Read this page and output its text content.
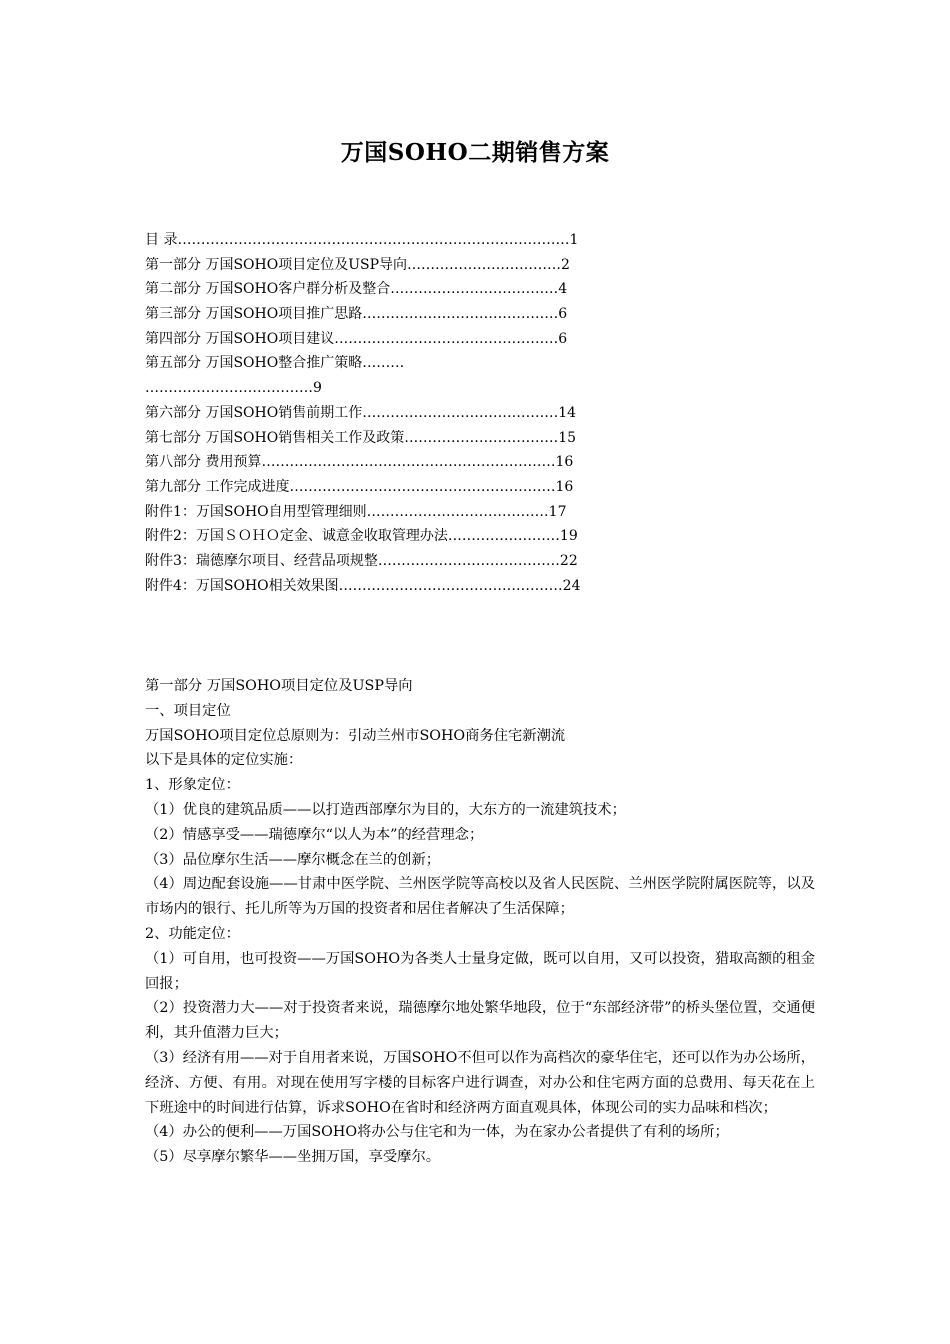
万国SOHO二期销售方案
目 录…………………………………………………………………………1
第一部分 万国SOHO项目定位及USP导向……………………………2
第二部分 万国SOHO客户群分析及整合………………………………4
第三部分 万国SOHO项目推广思路……………………………………6
第四部分 万国SOHO项目建议…………………………………………6
第五部分 万国SOHO整合推广策略………
………………………………9
第六部分 万国SOHO销售前期工作……………………………………14
第七部分 万国SOHO销售相关工作及政策……………………………15
第八部分 费用预算………………………………………………………16
第九部分 工作完成进度…………………………………………………16
附件1：万国SOHO自用型管理细则…………………………………17
附件2：万国ＳＯＨＯ定金、诚意金收取管理办法……………………19
附件3：瑞德摩尔项目、经营品项规整…………………………………22
附件4：万国SOHO相关效果图…………………………………………24
第一部分 万国SOHO项目定位及USP导向
一、项目定位
万国SOHO项目定位总原则为：引动兰州市SOHO商务住宅新潮流
以下是具体的定位实施：
1、形象定位：
（1）优良的建筑品质——以打造西部摩尔为目的，大东方的一流建筑技术；
（2）情感享受——瑞德摩尔“以人为本”的经营理念；
（3）品位摩尔生活——摩尔概念在兰的创新；
（4）周边配套设施——甘肃中医学院、兰州医学院等高校以及省人民医院、兰州医学院附属医院等，以及市场内的银行、托儿所等为万国的投资者和居住者解决了生活保障；
2、功能定位：
（1）可自用，也可投资——万国SOHO为各类人士量身定做，既可以自用，又可以投资，猎取高额的租金回报；
（2）投资潜力大——对于投资者来说，瑞德摩尔地处繁华地段，位于“东部经济带”的桥头堡位置，交通便利，其升值潜力巨大；
（3）经济有用——对于自用者来说，万国SOHO不但可以作为高档次的豪华住宅，还可以作为办公场所，经济、方便、有用。对现在使用写字楼的目标客户进行调查，对办公和住宅两方面的总费用、每天花在上下班途中的时间进行估算，诉求SOHO在省时和经济两方面直观具体，体现公司的实力品味和档次；
（4）办公的便利——万国SOHO将办公与住宅和为一体，为在家办公者提供了有利的场所；
（5）尽享摩尔繁华——坐拥万国，享受摩尔。
